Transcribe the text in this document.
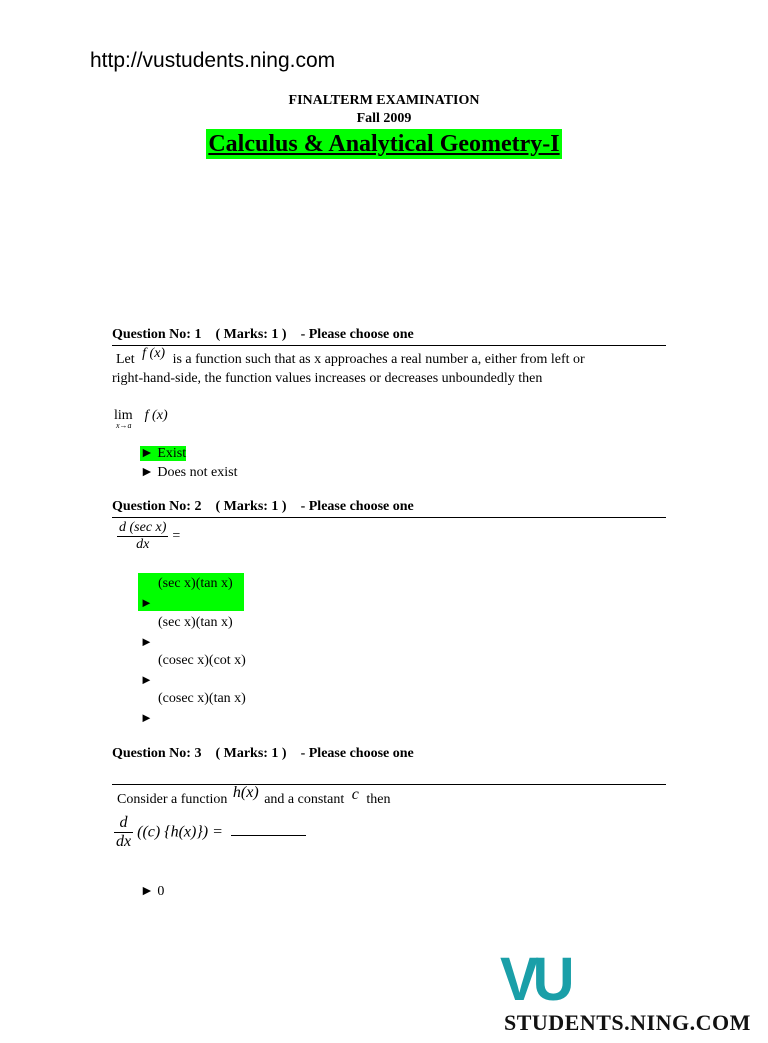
http://vustudents.ning.com
FINALTERM EXAMINATION
Fall 2009
Calculus & Analytical Geometry-I
Question No: 1    ( Marks: 1 )    - Please choose one
Let f (x) is a function such that as x approaches a real number a, either from left or
right-hand-side, the function values increases or decreases unboundedly then
lim f (x)
x→a
► Exist
► Does not exist
Question No: 2    ( Marks: 1 )    - Please choose one
$\frac{\text{d (sec x)}}{dx}$ =
(sec x)(tan x)
►
(sec x)(tan x)
►
(cosec x)(cot x)
►
(cosec x)(tan x)
►
Question No: 3    ( Marks: 1 )    - Please choose one
Consider a function h(x) and a constant c then
$\frac{d}{dx} ((c) \{h(x)\})$ =
► 0
VUSTUDENTS.NING.COM
